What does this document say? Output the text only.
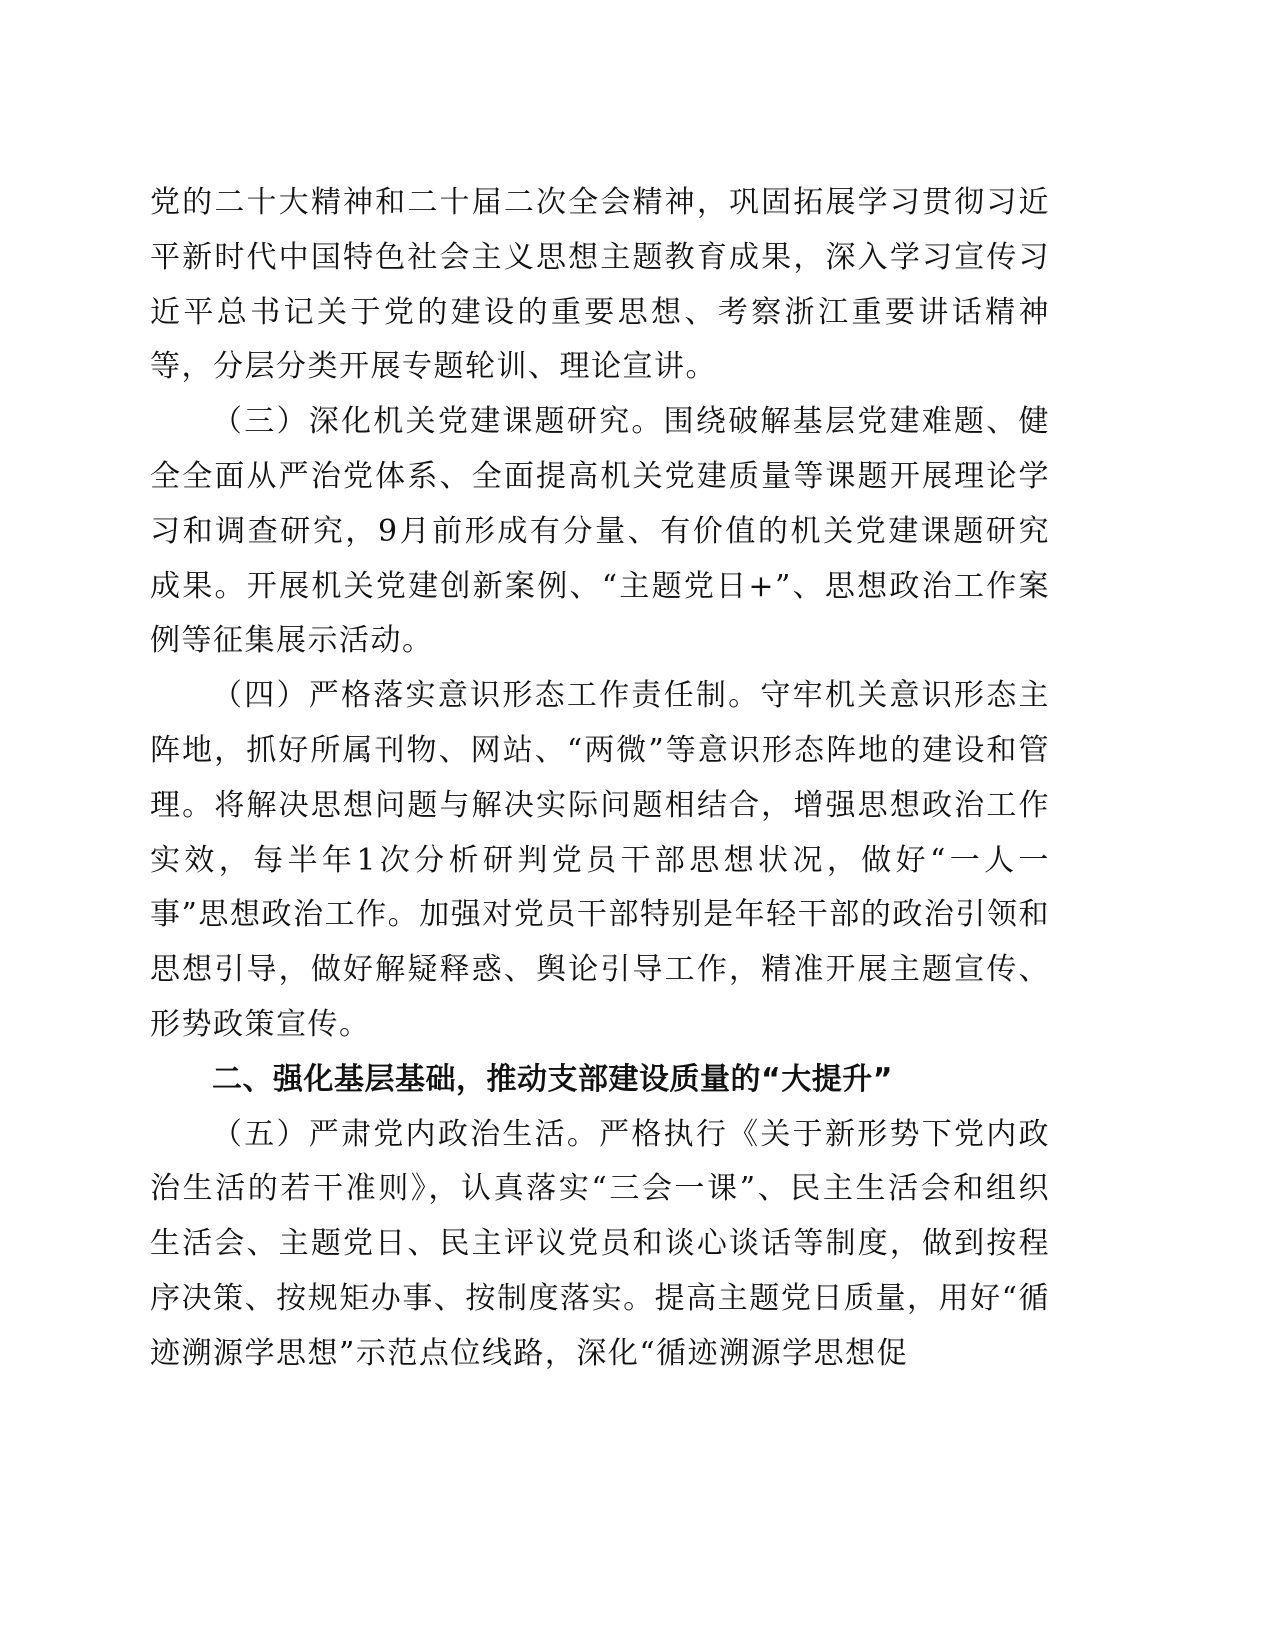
党的二十大精神和二十届二次全会精神，巩固拓展学习贯彻习近平新时代中国特色社会主义思想主题教育成果，深入学习宣传习近平总书记关于党的建设的重要思想、考察浙江重要讲话精神等，分层分类开展专题轮训、理论宣讲。

（三）深化机关党建课题研究。围绕破解基层党建难题、健全全面从严治党体系、全面提高机关党建质量等课题开展理论学习和调查研究，9月前形成有分量、有价值的机关党建课题研究成果。开展机关党建创新案例、“主题党日+”、思想政治工作案例等征集展示活动。

（四）严格落实意识形态工作责任制。守牢机关意识形态主阵地，抓好所属刊物、网站、“两微”等意识形态阵地的建设和管理。将解决思想问题与解决实际问题相结合，增强思想政治工作实效，每半年1次分析研判党员干部思想状况，做好“一人一事”思想政治工作。加强对党员干部特别是年轻干部的政治引领和思想引导，做好解疑释惑、舆论引导工作，精准开展主题宣传、形势政策宣传。

二、强化基层基础，推动支部建设质量的“大提升”

（五）严肃党内政治生活。严格执行《关于新形势下党内政治生活的若干准则》，认真落实“三会一课”、民主生活会和组织生活会、主题党日、民主评议党员和谈心谈话等制度，做到按程序决策、按规矩办事、按制度落实。提高主题党日质量，用好“循迹溯源学思想”示范点位线路，深化“循迹溯源学思想促
